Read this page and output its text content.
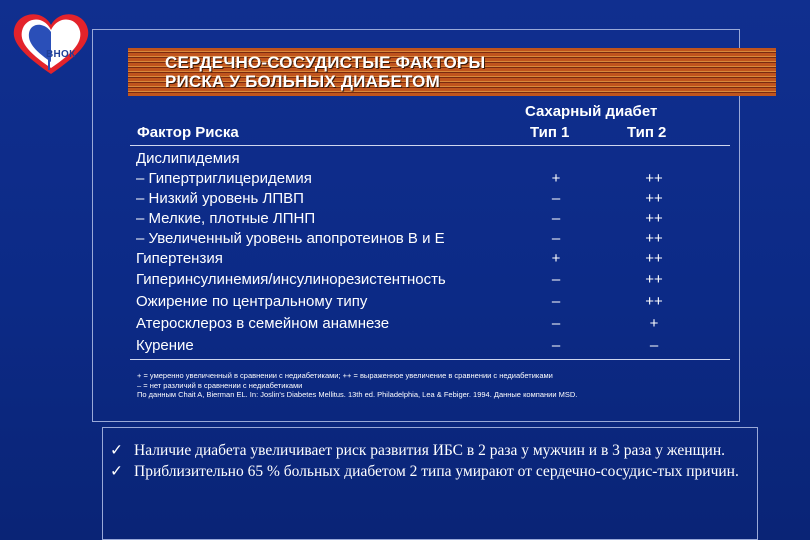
ВНОК	СЕРДЕЧНО-СОСУДИСТЫЕ ФАКТОРЫ
РИСКА У БОЛЬНЫХ ДИАБЕТОМ
Сахарный диабет
Фактор Риска	Тип 1	Тип 2
Дислипидемия
– Гипертриглицеридемия	+	++
– Низкий уровень ЛПВП	–	++
– Мелкие, плотные ЛПНП	–	++
– Увеличенный уровень апопротеинов В и Е	–	++
Гипертензия	+	++
Гиперинсулинемия/инсулинорезистентность	–	++
Ожирение по центральному типу	–	++
Атеросклероз в семейном анамнезе	–	+
Курение	–	–
+ = умеренно увеличенный в сравнении с недиабетиками; ++ = выраженное увеличение в сравнении с недиабетиками
– = нет различий в сравнении с недиабетиками
По данным Chait A, Bierman EL. In: Joslin's Diabetes Mellitus. 13th ed. Philadelphia, Lea & Febiger. 1994. Данные компании MSD.

✓ Наличие диабета увеличивает риск развития ИБС в 2 раза у мужчин и в 3 раза у женщин.

✓ Приблизительно 65 % больных диабетом 2 типа умирают от сердечно-сосудис-тых причин.
